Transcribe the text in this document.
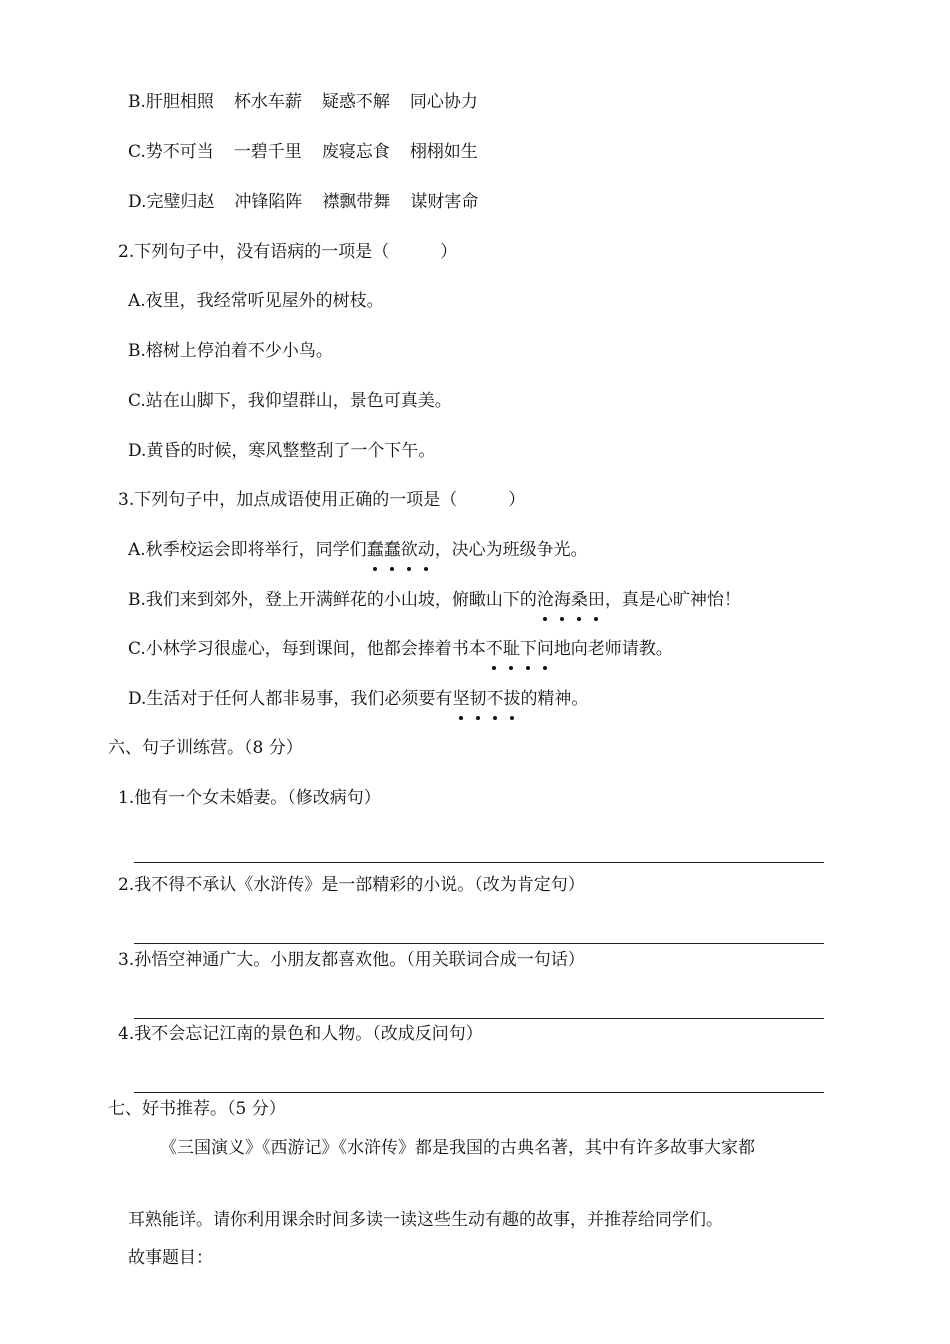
B.肝胆相照 杯水车薪 疑惑不解 同心协力
C.势不可当 一碧千里 废寝忘食 栩栩如生
D.完璧归赵 冲锋陷阵 襟飘带舞 谋财害命
2.下列句子中，没有语病的一项是（　　　）
A.夜里，我经常听见屋外的树枝。
B.榕树上停泊着不少小鸟。
C.站在山脚下，我仰望群山，景色可真美。
D.黄昏的时候，寒风整整刮了一个下午。
3.下列句子中，加点成语使用正确的一项是（　　　）
A.秋季校运会即将举行，同学们蠢蠢欲动，决心为班级争光。
B.我们来到郊外，登上开满鲜花的小山坡，俯瞰山下的沧海桑田，真是心旷神怡！
C.小林学习很虚心，每到课间，他都会捧着书本不耻下问地向老师请教。
D.生活对于任何人都非易事，我们必须要有坚韧不拔的精神。
六、句子训练营。（8 分）
1.他有一个女未婚妻。（修改病句）
2.我不得不承认《水浒传》是一部精彩的小说。（改为肯定句）
3.孙悟空神通广大。小朋友都喜欢他。（用关联词合成一句话）
4.我不会忘记江南的景色和人物。（改成反问句）
七、好书推荐。（5 分）
《三国演义》《西游记》《水浒传》都是我国的古典名著，其中有许多故事大家都
耳熟能详。请你利用课余时间多读一读这些生动有趣的故事，并推荐给同学们。
故事题目：
